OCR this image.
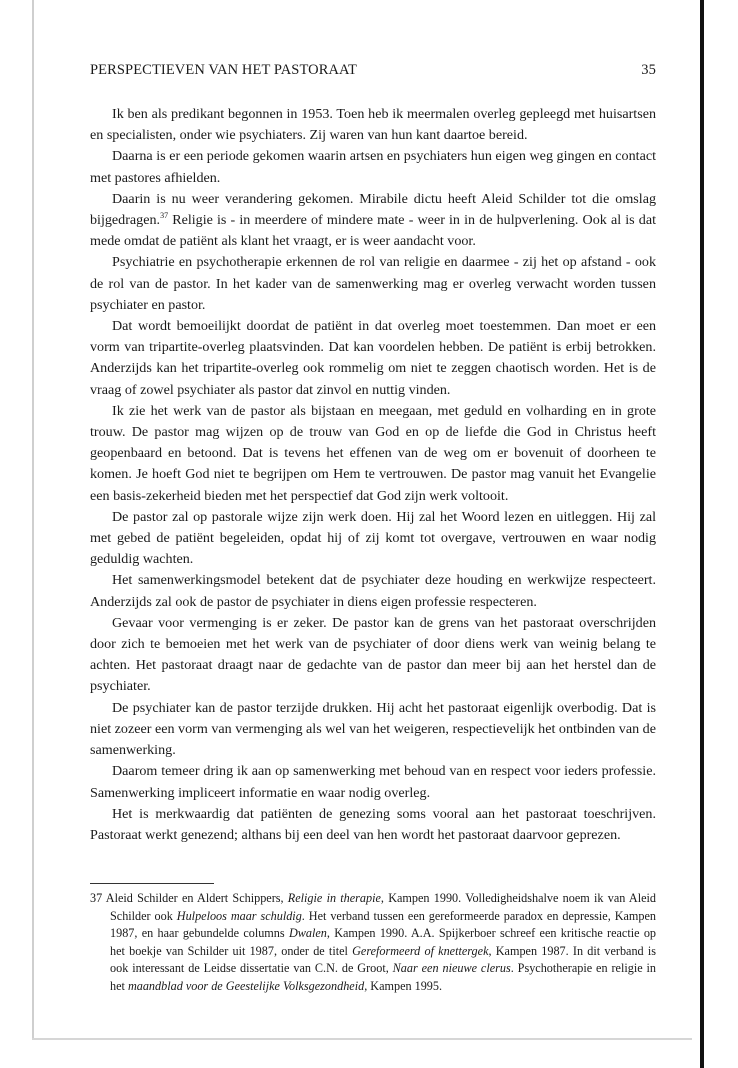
PERSPECTIEVEN VAN HET PASTORAAT	35

Ik ben als predikant begonnen in 1953. Toen heb ik meermalen overleg gepleegd met huisartsen en specialisten, onder wie psychiaters. Zij waren van hun kant daartoe bereid.

Daarna is er een periode gekomen waarin artsen en psychiaters hun eigen weg gingen en contact met pastores afhielden.

Daarin is nu weer verandering gekomen. Mirabile dictu heeft Aleid Schilder tot die omslag bijgedragen.$^{37}$ Religie is - in meerdere of mindere mate - weer in in de hulpverlening. Ook al is dat mede omdat de patiënt als klant het vraagt, er is weer aandacht voor.

Psychiatrie en psychotherapie erkennen de rol van religie en daarmee - zij het op afstand - ook de rol van de pastor. In het kader van de samenwerking mag er overleg verwacht worden tussen psychiater en pastor.

Dat wordt bemoeilijkt doordat de patiënt in dat overleg moet toestemmen. Dan moet er een vorm van tripartite-overleg plaatsvinden. Dat kan voordelen hebben. De patiënt is erbij betrokken. Anderzijds kan het tripartite-overleg ook rommelig om niet te zeggen chaotisch worden. Het is de vraag of zowel psychiater als pastor dat zinvol en nuttig vinden.

Ik zie het werk van de pastor als bijstaan en meegaan, met geduld en volharding en in grote trouw. De pastor mag wijzen op de trouw van God en op de liefde die God in Christus heeft geopenbaard en betoond. Dat is tevens het effenen van de weg om er bovenuit of doorheen te komen. Je hoeft God niet te begrijpen om Hem te vertrouwen. De pastor mag vanuit het Evangelie een basis-zekerheid bieden met het perspectief dat God zijn werk voltooit.

De pastor zal op pastorale wijze zijn werk doen. Hij zal het Woord lezen en uitleggen. Hij zal met gebed de patiënt begeleiden, opdat hij of zij komt tot overgave, vertrouwen en waar nodig geduldig wachten.

Het samenwerkingsmodel betekent dat de psychiater deze houding en werkwijze respecteert. Anderzijds zal ook de pastor de psychiater in diens eigen professie respecteren.

Gevaar voor vermenging is er zeker. De pastor kan de grens van het pastoraat overschrijden door zich te bemoeien met het werk van de psychiater of door diens werk van weinig belang te achten. Het pastoraat draagt naar de gedachte van de pastor dan meer bij aan het herstel dan de psychiater.

De psychiater kan de pastor terzijde drukken. Hij acht het pastoraat eigenlijk overbodig. Dat is niet zozeer een vorm van vermenging als wel van het weigeren, respectievelijk het ontbinden van de samenwerking.

Daarom temeer dring ik aan op samenwerking met behoud van en respect voor ieders professie. Samenwerking impliceert informatie en waar nodig overleg.

Het is merkwaardig dat patiënten de genezing soms vooral aan het pastoraat toeschrijven. Pastoraat werkt genezend; althans bij een deel van hen wordt het pastoraat daarvoor geprezen.

37 Aleid Schilder en Aldert Schippers, Religie in therapie, Kampen 1990. Volledigheidshalve noem ik van Aleid Schilder ook Hulpeloos maar schuldig. Het verband tussen een gereformeerde paradox en depressie, Kampen 1987, en haar gebundelde columns Dwalen, Kampen 1990. A.A. Spijkerboer schreef een kritische reactie op het boekje van Schilder uit 1987, onder de titel Gereformeerd of knettergek, Kampen 1987. In dit verband is ook interessant de Leidse dissertatie van C.N. de Groot, Naar een nieuwe clerus. Psychotherapie en religie in het maandblad voor de Geestelijke Volksgezondheid, Kampen 1995.
